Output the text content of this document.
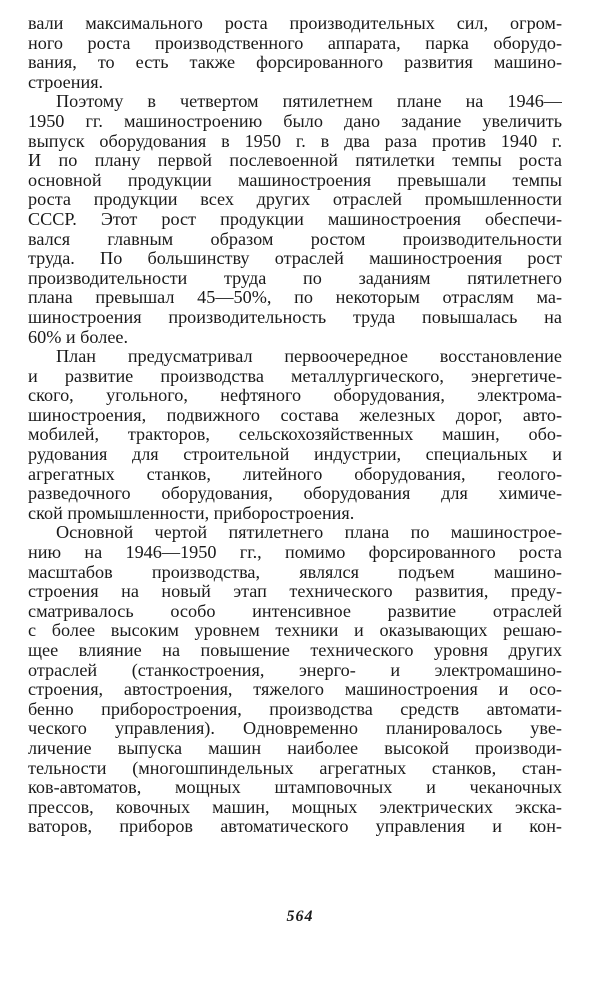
вали максимального роста производительных сил, огром-
ного роста производственного аппарата, парка оборудо-
вания, то есть также форсированного развития машино-
строения.
Поэтому в четвертом пятилетнем плане на 1946—
1950 гг. машиностроению было дано задание увеличить
выпуск оборудования в 1950 г. в два раза против 1940 г.
И по плану первой послевоенной пятилетки темпы роста
основной продукции машиностроения превышали темпы
роста продукции всех других отраслей промышленности
СССР. Этот рост продукции машиностроения обеспечи-
вался главным образом ростом производительности
труда. По большинству отраслей машиностроения рост
производительности труда по заданиям пятилетнего
плана превышал 45—50%, по некоторым отраслям ма-
шиностроения производительность труда повышалась на
60% и более.
План предусматривал первоочередное восстановление
и развитие производства металлургического, энергетиче-
ского, угольного, нефтяного оборудования, электрома-
шиностроения, подвижного состава железных дорог, авто-
мобилей, тракторов, сельскохозяйственных машин, обо-
рудования для строительной индустрии, специальных и
агрегатных станков, литейного оборудования, геолого-
разведочного оборудования, оборудования для химиче-
ской промышленности, приборостроения.
Основной чертой пятилетнего плана по машинострое-
нию на 1946—1950 гг., помимо форсированного роста
масштабов производства, являлся подъем машино-
строения на новый этап технического развития, преду-
сматривалось особо интенсивное развитие отраслей
с более высоким уровнем техники и оказывающих решаю-
щее влияние на повышение технического уровня других
отраслей (станкостроения, энерго- и электромашино-
строения, автостроения, тяжелого машиностроения и осо-
бенно приборостроения, производства средств автомати-
ческого управления). Одновременно планировалось уве-
личение выпуска машин наиболее высокой производи-
тельности (многошпиндельных агрегатных станков, стан-
ков-автоматов, мощных штамповочных и чеканочных
прессов, ковочных машин, мощных электрических экска-
ваторов, приборов автоматического управления и кон-
564
